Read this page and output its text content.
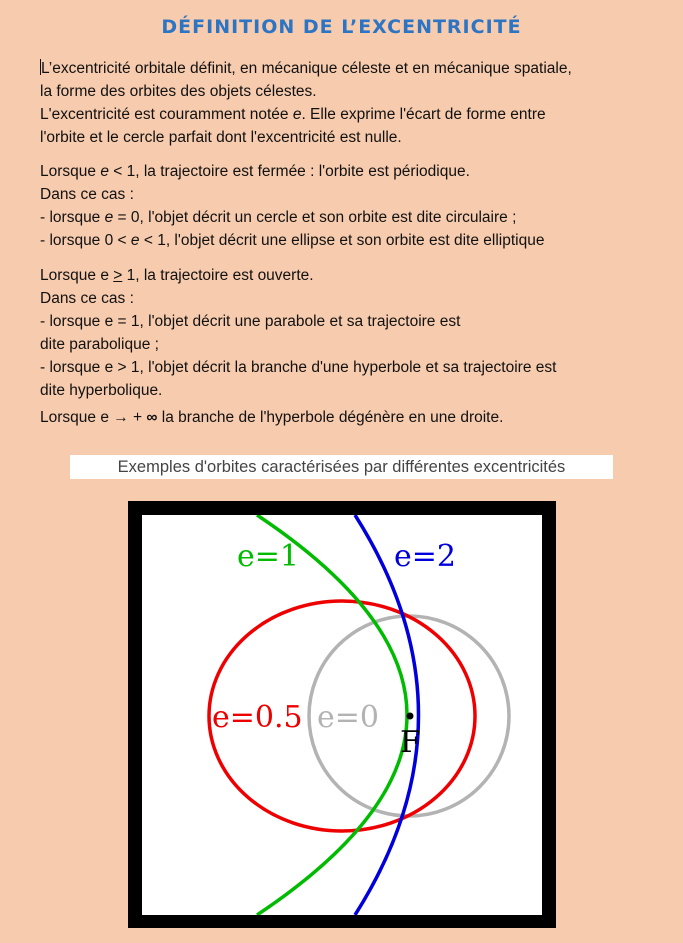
DÉFINITION DE L’EXCENTRICITÉ

L’excentricité orbitale définit, en mécanique céleste et en mécanique spatiale,

la forme des orbites des objets célestes.

L'excentricité est couramment notée e. Elle exprime l'écart de forme entre

l'orbite et le cercle parfait dont l'excentricité est nulle.

Lorsque e < 1, la trajectoire est fermée : l'orbite est périodique.

Dans ce cas :

- lorsque e = 0, l'objet décrit un cercle et son orbite est dite circulaire ;

- lorsque 0 < e < 1, l'objet décrit une ellipse et son orbite est dite elliptique

Lorsque e > 1, la trajectoire est ouverte.

Dans ce cas :

- lorsque e = 1, l'objet décrit une parabole et sa trajectoire est

dite parabolique ;

- lorsque e > 1, l'objet décrit la branche d'une hyperbole et sa trajectoire est

dite hyperbolique.

Lorsque e → + ∞ la branche de l'hyperbole dégénère en une droite.

Exemples d'orbites caractérisées par différentes excentricités
F
e=1	e=2
e=0.5 e=0
